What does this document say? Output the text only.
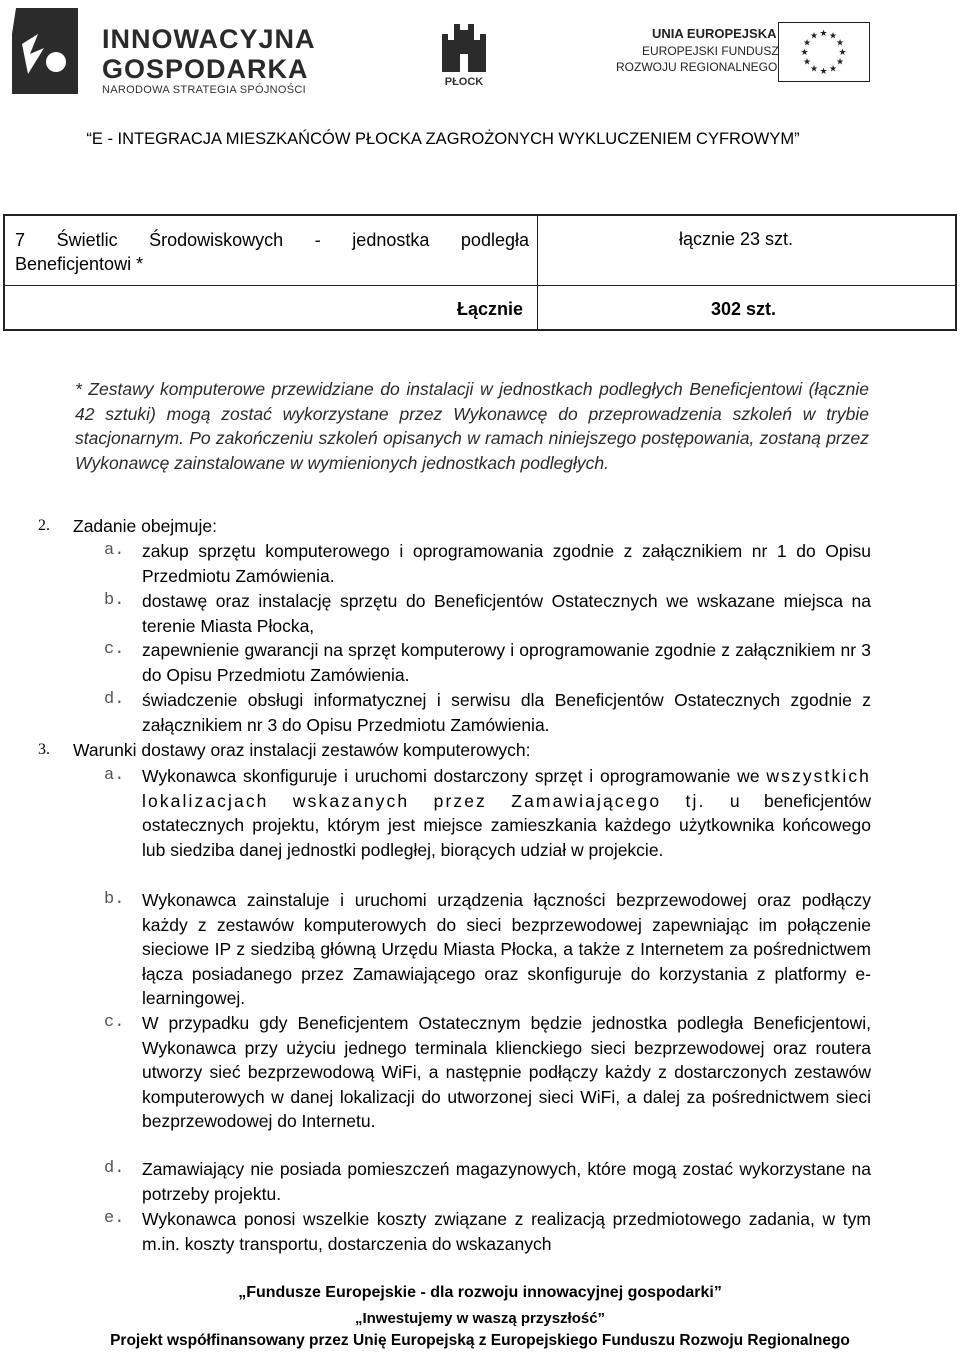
INNOWACYJNA
GOSPODARKA
NARODOWA STRATEGIA SPÓJNOŚCI
PŁOCK
UNIA EUROPEJSKA
EUROPEJSKI FUNDUSZ
ROZWOJU REGIONALNEGO
★ ★
★
★
★
★
★
★
★
★
★
★
“E - INTEGRACJA MIESZKAŃCÓW PŁOCKA ZAGROŻONYCH WYKLUCZENIEM CYFROWYM”
7 Świetlic Środowiskowych - jednostka podległa
Beneficjentowi *
łącznie 23 szt.
Łącznie	302 szt.
* Zestawy komputerowe przewidziane do instalacji w jednostkach podległych Beneficjentowi (łącznie 42 sztuki) mogą zostać wykorzystane przez Wykonawcę do przeprowadzenia szkoleń w trybie stacjonarnym. Po zakończeniu szkoleń opisanych w ramach niniejszego postępowania, zostaną przez Wykonawcę zainstalowane w wymienionych jednostkach podległych.
2. Zadanie obejmuje:
a. zakup sprzętu komputerowego i oprogramowania zgodnie z załącznikiem nr 1 do Opisu Przedmiotu Zamówienia.
b. dostawę oraz instalację sprzętu do Beneficjentów Ostatecznych we wskazane miejsca na terenie Miasta Płocka,
c. zapewnienie gwarancji na sprzęt komputerowy i oprogramowanie zgodnie z załącznikiem nr 3 do Opisu Przedmiotu Zamówienia.
d. świadczenie obsługi informatycznej i serwisu dla Beneficjentów Ostatecznych zgodnie z załącznikiem nr 3 do Opisu Przedmiotu Zamówienia.
3. Warunki dostawy oraz instalacji zestawów komputerowych:
a. Wykonawca skonfiguruje i uruchomi dostarczony sprzęt i oprogramowanie we wszystkich lokalizacjach wskazanych przez Zamawiającego tj. u beneficjentów ostatecznych projektu, którym jest miejsce zamieszkania każdego użytkownika końcowego lub siedziba danej jednostki podległej, biorących udział w projekcie.
b. Wykonawca zainstaluje i uruchomi urządzenia łączności bezprzewodowej oraz podłączy każdy z zestawów komputerowych do sieci bezprzewodowej zapewniając im połączenie sieciowe IP z siedzibą główną Urzędu Miasta Płocka, a także z Internetem za pośrednictwem łącza posiadanego przez Zamawiającego oraz skonfiguruje do korzystania z platformy e-learningowej.
c. W przypadku gdy Beneficjentem Ostatecznym będzie jednostka podległa Beneficjentowi, Wykonawca przy użyciu jednego terminala klienckiego sieci bezprzewodowej oraz routera utworzy sieć bezprzewodową WiFi, a następnie podłączy każdy z dostarczonych zestawów komputerowych w danej lokalizacji do utworzonej sieci WiFi, a dalej za pośrednictwem sieci bezprzewodowej do Internetu.
d. Zamawiający nie posiada pomieszczeń magazynowych, które mogą zostać wykorzystane na potrzeby projektu.
e. Wykonawca ponosi wszelkie koszty związane z realizacją przedmiotowego zadania, w tym m.in. koszty transportu, dostarczenia do wskazanych
„Fundusze Europejskie - dla rozwoju innowacyjnej gospodarki”
„Inwestujemy w waszą przyszłość”
Projekt współfinansowany przez Unię Europejską z Europejskiego Funduszu Rozwoju Regionalnego
